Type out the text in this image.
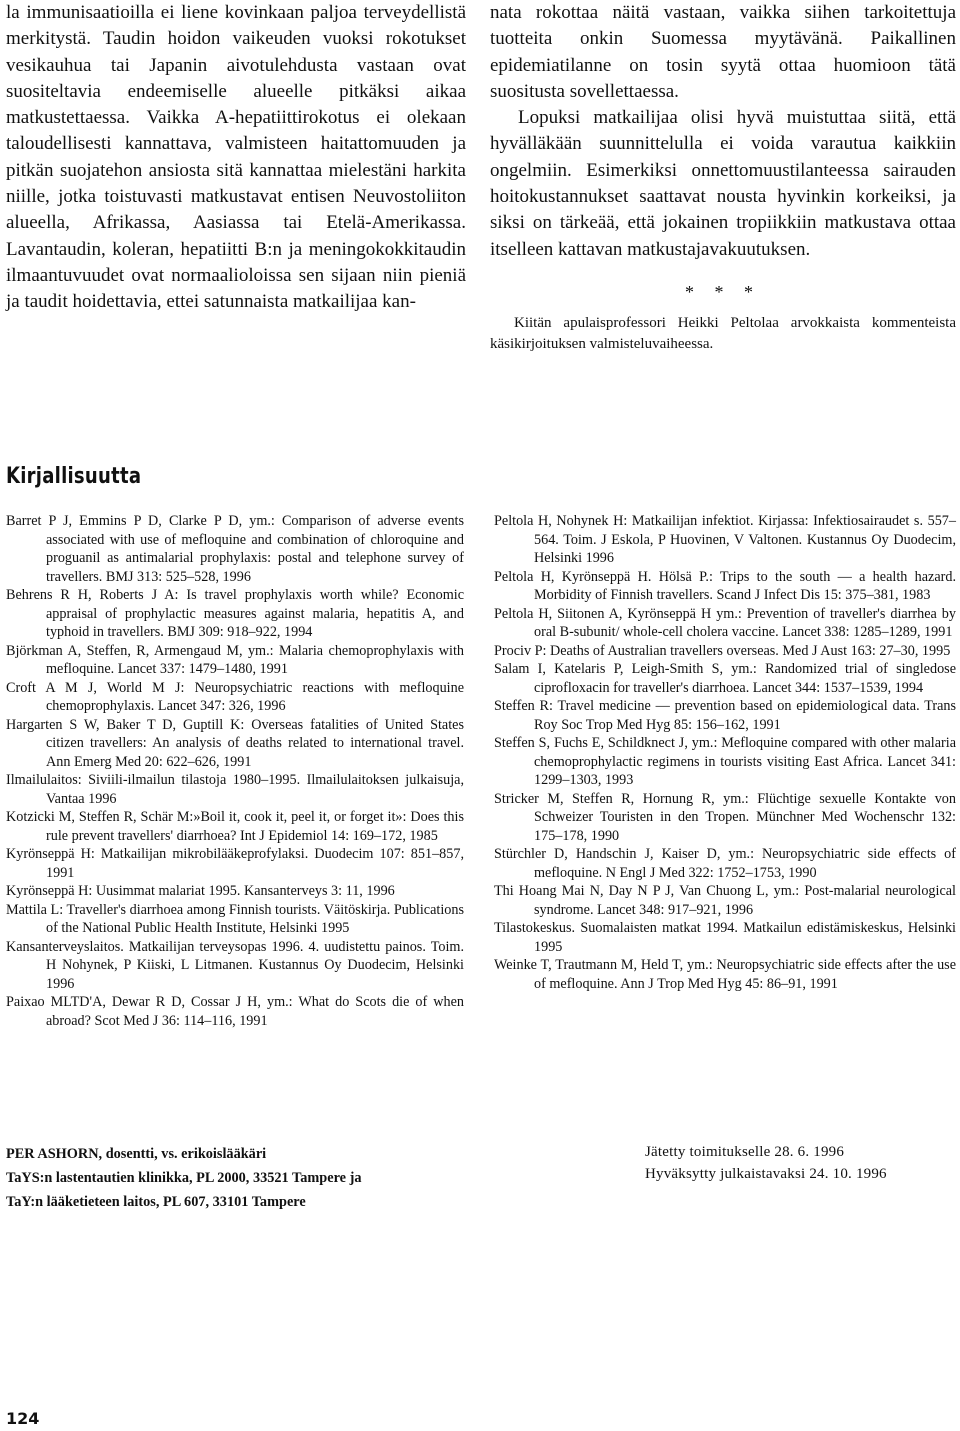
la immunisaatioilla ei liene kovinkaan paljoa terveydellistä merkitystä. Taudin hoidon vaikeuden vuoksi rokotukset vesikauhua tai Japanin aivotulehdusta vastaan ovat suositeltavia endeemiselle alueelle pitkäksi aikaa matkustettaessa. Vaikka A-hepatiittirokotus ei olekaan taloudellisesti kannattava, valmisteen haitattomuuden ja pitkän suojatehon ansiosta sitä kannattaa mielestäni harkita niille, jotka toistuvasti matkustavat entisen Neuvostoliiton alueella, Afrikassa, Aasiassa tai Etelä-Amerikassa. Lavantaudin, koleran, hepatiitti B:n ja meningokokkitaudin ilmaantuvuudet ovat normaalioloissa sen sijaan niin pieniä ja taudit hoidettavia, ettei satunnaista matkailijaa kan-

nata rokottaa näitä vastaan, vaikka siihen tarkoitettuja tuotteita onkin Suomessa myytävänä. Paikallinen epidemiatilanne on tosin syytä ottaa huomioon tätä suositusta sovellettaessa.

Lopuksi matkailijaa olisi hyvä muistuttaa siitä, että hyvälläkään suunnittelulla ei voida varautua kaikkiin ongelmiin. Esimerkiksi onnettomuustilanteessa sairauden hoitokustannukset saattavat nousta hyvinkin korkeiksi, ja siksi on tärkeää, että jokainen tropiikkiin matkustava ottaa itselleen kattavan matkustajavakuutuksen.

* * *

Kiitän apulaisprofessori Heikki Peltolaa arvokkaista kommenteista käsikirjoituksen valmisteluvaiheessa.

Kirjallisuutta
Barret P J, Emmins P D, Clarke P D, ym.: Comparison of adverse events associated with use of mefloquine and combination of chloroquine and proguanil as antimalarial prophylaxis: postal and telephone survey of travellers. BMJ 313: 525–528, 1996
Behrens R H, Roberts J A: Is travel prophylaxis worth while? Economic appraisal of prophylactic measures against malaria, hepatitis A, and typhoid in travellers. BMJ 309: 918–922, 1994
Björkman A, Steffen, R, Armengaud M, ym.: Malaria chemoprophylaxis with mefloquine. Lancet 337: 1479–1480, 1991
Croft A M J, World M J: Neuropsychiatric reactions with mefloquine chemoprophylaxis. Lancet 347: 326, 1996
Hargarten S W, Baker T D, Guptill K: Overseas fatalities of United States citizen travellers: An analysis of deaths related to international travel. Ann Emerg Med 20: 622–626, 1991
Ilmailulaitos: Siviili-ilmailun tilastoja 1980–1995. Ilmailulaitoksen julkaisuja, Vantaa 1996
Kotzicki M, Steffen R, Schär M:»Boil it, cook it, peel it, or forget it»: Does this rule prevent travellers' diarrhoea? Int J Epidemiol 14: 169–172, 1985
Kyrönseppä H: Matkailijan mikrobilääkeprofylaksi. Duodecim 107: 851–857, 1991
Kyrönseppä H: Uusimmat malariat 1995. Kansanterveys 3: 11, 1996
Mattila L: Traveller's diarrhoea among Finnish tourists. Väitöskirja. Publications of the National Public Health Institute, Helsinki 1995
Kansanterveyslaitos. Matkailijan terveysopas 1996. 4. uudistettu painos. Toim. H Nohynek, P Kiiski, L Litmanen. Kustannus Oy Duodecim, Helsinki 1996
Paixao MLTD'A, Dewar R D, Cossar J H, ym.: What do Scots die of when abroad? Scot Med J 36: 114–116, 1991
Peltola H, Nohynek H: Matkailijan infektiot. Kirjassa: Infektiosairaudet s. 557–564. Toim. J Eskola, P Huovinen, V Valtonen. Kustannus Oy Duodecim, Helsinki 1996
Peltola H, Kyrönseppä H. Hölsä P.: Trips to the south — a health hazard. Morbidity of Finnish travellers. Scand J Infect Dis 15: 375–381, 1983
Peltola H, Siitonen A, Kyrönseppä H ym.: Prevention of traveller's diarrhea by oral B-subunit/ whole-cell cholera vaccine. Lancet 338: 1285–1289, 1991
Prociv P: Deaths of Australian travellers overseas. Med J Aust 163: 27–30, 1995
Salam I, Katelaris P, Leigh-Smith S, ym.: Randomized trial of singledose ciprofloxacin for traveller's diarrhoea. Lancet 344: 1537–1539, 1994
Steffen R: Travel medicine — prevention based on epidemiological data. Trans Roy Soc Trop Med Hyg 85: 156–162, 1991
Steffen S, Fuchs E, Schildknect J, ym.: Mefloquine compared with other malaria chemoprophylactic regimens in tourists visiting East Africa. Lancet 341: 1299–1303, 1993
Stricker M, Steffen R, Hornung R, ym.: Flüchtige sexuelle Kontakte von Schweizer Touristen in den Tropen. Münchner Med Wochenschr 132: 175–178, 1990
Stürchler D, Handschin J, Kaiser D, ym.: Neuropsychiatric side effects of mefloquine. N Engl J Med 322: 1752–1753, 1990
Thi Hoang Mai N, Day N P J, Van Chuong L, ym.: Post-malarial neurological syndrome. Lancet 348: 917–921, 1996
Tilastokeskus. Suomalaisten matkat 1994. Matkailun edistämiskeskus, Helsinki 1995
Weinke T, Trautmann M, Held T, ym.: Neuropsychiatric side effects after the use of mefloquine. Ann J Trop Med Hyg 45: 86–91, 1991
PER ASHORN, dosentti, vs. erikoislääkäri
TaYS:n lastentautien klinikka, PL 2000, 33521 Tampere ja
TaY:n lääketieteen laitos, PL 607, 33101 Tampere
Jätetty toimitukselle 28. 6. 1996
Hyväksytty julkaistavaksi 24. 10. 1996
124
